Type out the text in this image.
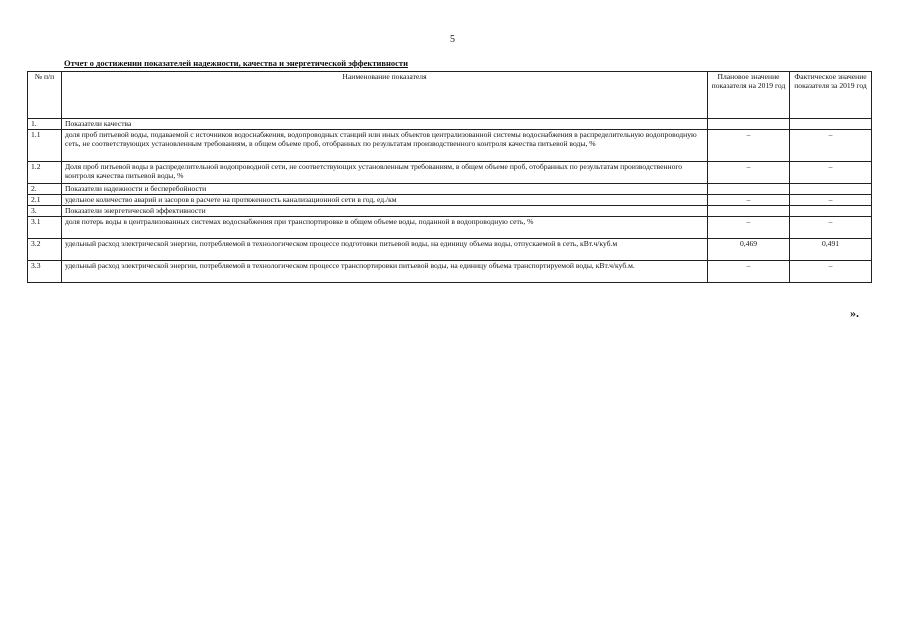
5
Отчет о достижении показателей надежности, качества и энергетической эффективности
№ п/п	Наименование показателя	Плановое значение показателя на 2019 год	Фактическое значение показателя за 2019 год
1.	Показатели качества		
1.1	доля проб питьевой воды, подаваемой с источников водоснабжения, водопроводных станций или иных объектов централизованной системы водоснабжения в распределительную водопроводную сеть, не соответствующих установленным требованиям, в общем объеме проб, отобранных по результатам производственного контроля качества питьевой воды, %	–	–
1.2	Доля проб питьевой воды в распределительной водопроводной сети, не соответствующих установленным требованиям, в общем объеме проб, отобранных по результатам производственного контроля качества питьевой воды, %	–	–
2.	Показатели надежности и бесперебойности		
2.1	удельное количество аварий и засоров в расчете на протяженность канализационной сети в год, ед./км	–	–
3.	Показатели энергетической эффективности		
3.1	доля потерь воды в централизованных системах водоснабжения при транспортировке в общем объеме воды, поданной в водопроводную сеть, %	–	–
3.2	удельный расход электрической энергии, потребляемой в технологическом процессе подготовки питьевой воды, на единицу объема воды, отпускаемой в сеть, кВт.ч/куб.м	0,469	0,491
3.3	удельный расход электрической энергии, потребляемой в технологическом процессе транспортировки питьевой воды, на единицу объема транспортируемой воды, кВт.ч/куб.м.	–	–
».
